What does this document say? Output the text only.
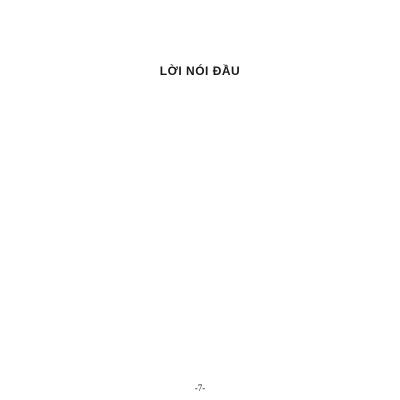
LỜI NÓI ĐẦU

-7-
